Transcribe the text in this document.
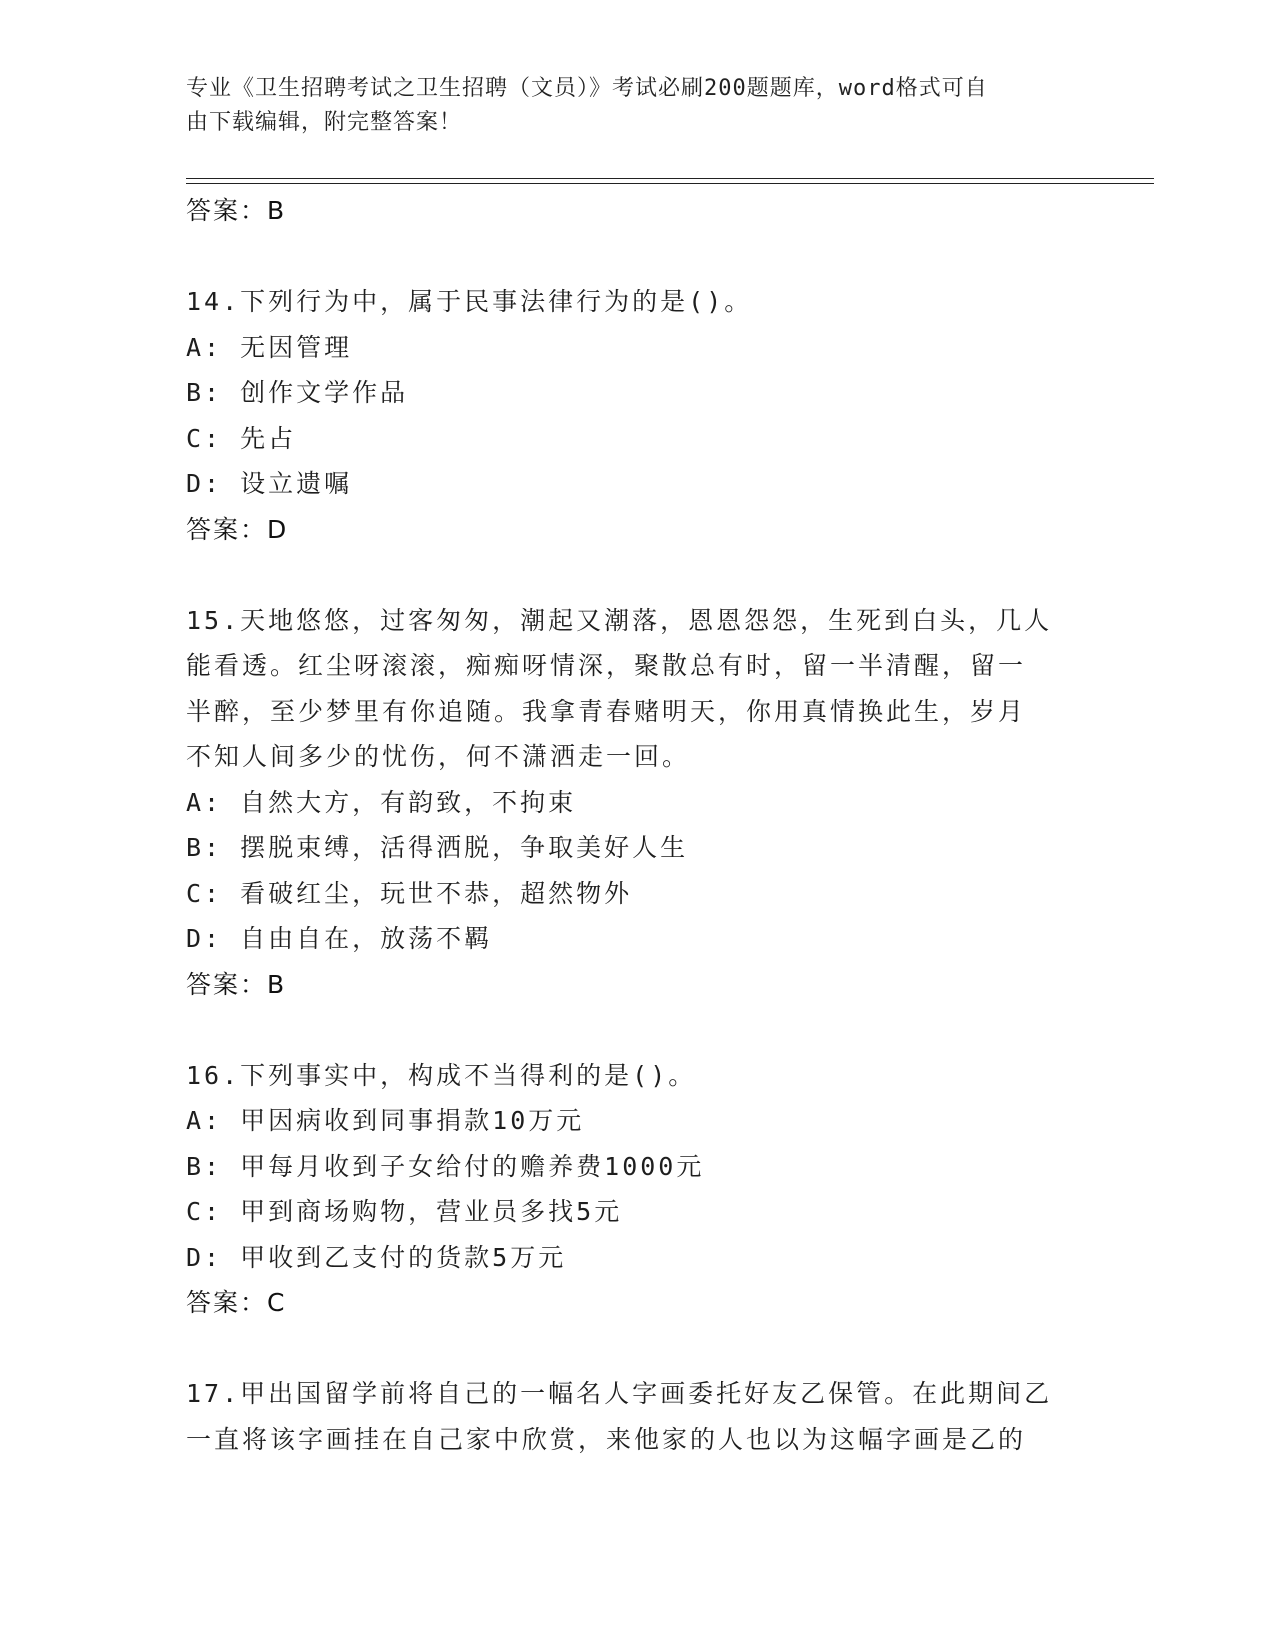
专业《卫生招聘考试之卫生招聘（文员）》考试必刷200题题库，word格式可自
由下载编辑，附完整答案！
答案：B
14.下列行为中，属于民事法律行为的是()。
A: 无因管理
B: 创作文学作品
C: 先占
D: 设立遗嘱
答案：D
15.天地悠悠，过客匆匆，潮起又潮落，恩恩怨怨，生死到白头，几人
能看透。红尘呀滚滚，痴痴呀情深，聚散总有时，留一半清醒，留一
半醉，至少梦里有你追随。我拿青春赌明天，你用真情换此生，岁月
不知人间多少的忧伤，何不潇洒走一回。
A: 自然大方，有韵致，不拘束
B: 摆脱束缚，活得洒脱，争取美好人生
C: 看破红尘，玩世不恭，超然物外
D: 自由自在，放荡不羁
答案：B
16.下列事实中，构成不当得利的是()。
A: 甲因病收到同事捐款10万元
B: 甲每月收到子女给付的赡养费1000元
C: 甲到商场购物，营业员多找5元
D: 甲收到乙支付的货款5万元
答案：C
17.甲出国留学前将自己的一幅名人字画委托好友乙保管。在此期间乙
一直将该字画挂在自己家中欣赏，来他家的人也以为这幅字画是乙的
